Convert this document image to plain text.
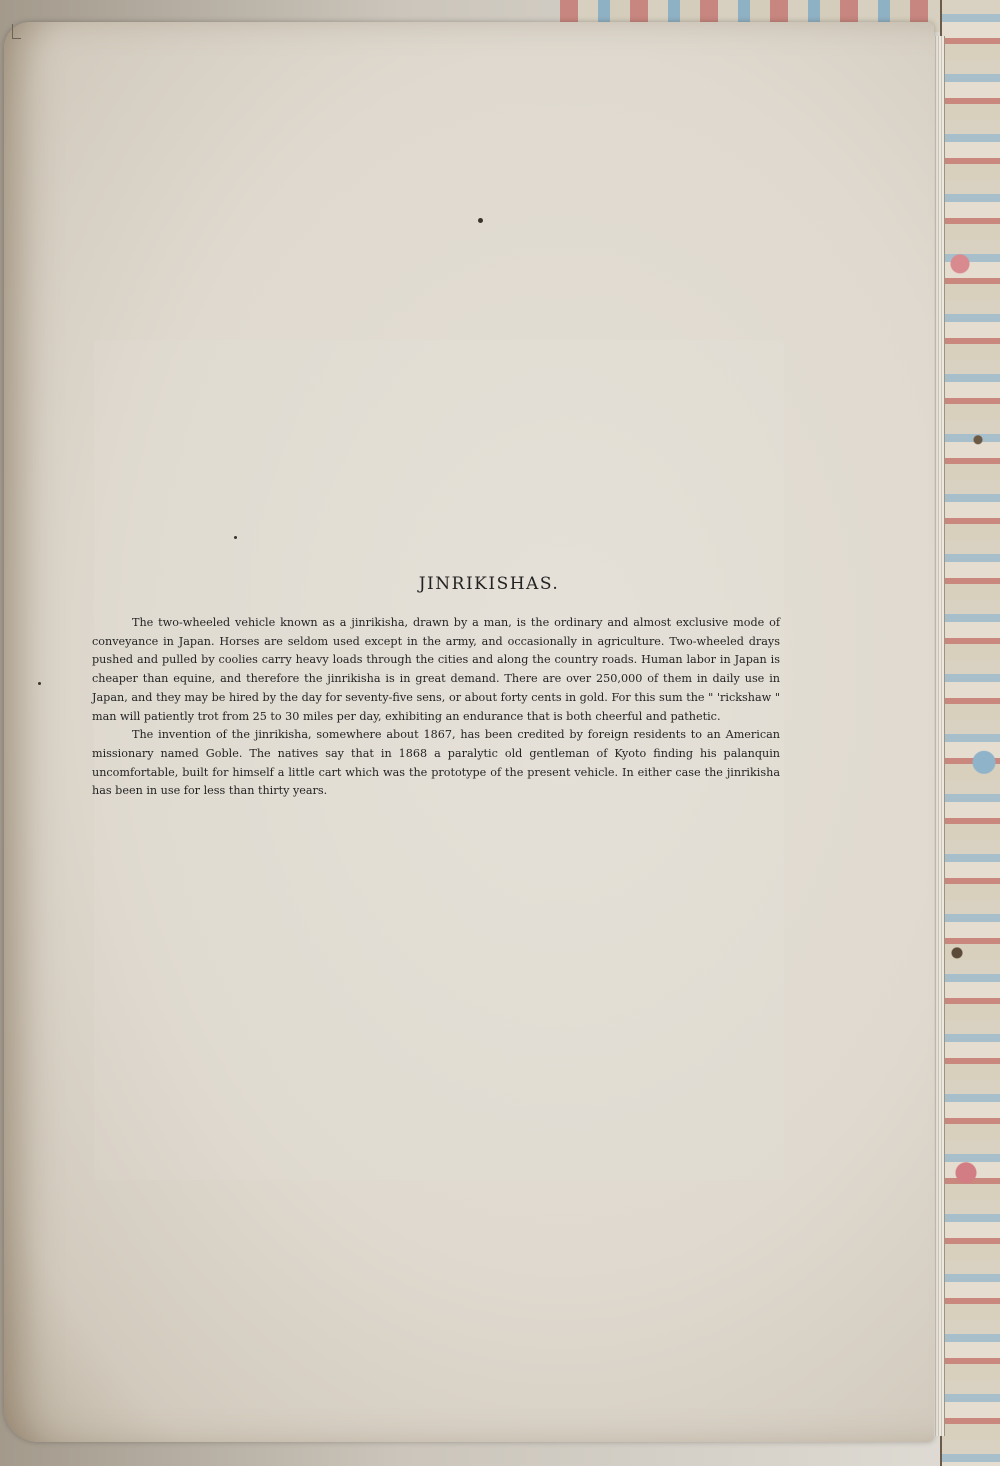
JINRIKISHAS.

The two-wheeled vehicle known as a jinrikisha, drawn by a man, is the ordinary and almost exclusive mode of conveyance in Japan. Horses are seldom used except in the army, and occasionally in agriculture. Two-wheeled drays pushed and pulled by coolies carry heavy loads through the cities and along the country roads. Human labor in Japan is cheaper than equine, and therefore the jinrikisha is in great demand. There are over 250,000 of them in daily use in Japan, and they may be hired by the day for seventy-five sens, or about forty cents in gold. For this sum the " 'rickshaw " man will patiently trot from 25 to 30 miles per day, exhibiting an endurance that is both cheerful and pathetic.

The invention of the jinrikisha, somewhere about 1867, has been credited by foreign residents to an American missionary named Goble. The natives say that in 1868 a paralytic old gentleman of Kyoto finding his palanquin uncomfortable, built for himself a little cart which was the prototype of the present vehicle. In either case the jinrikisha has been in use for less than thirty years.
